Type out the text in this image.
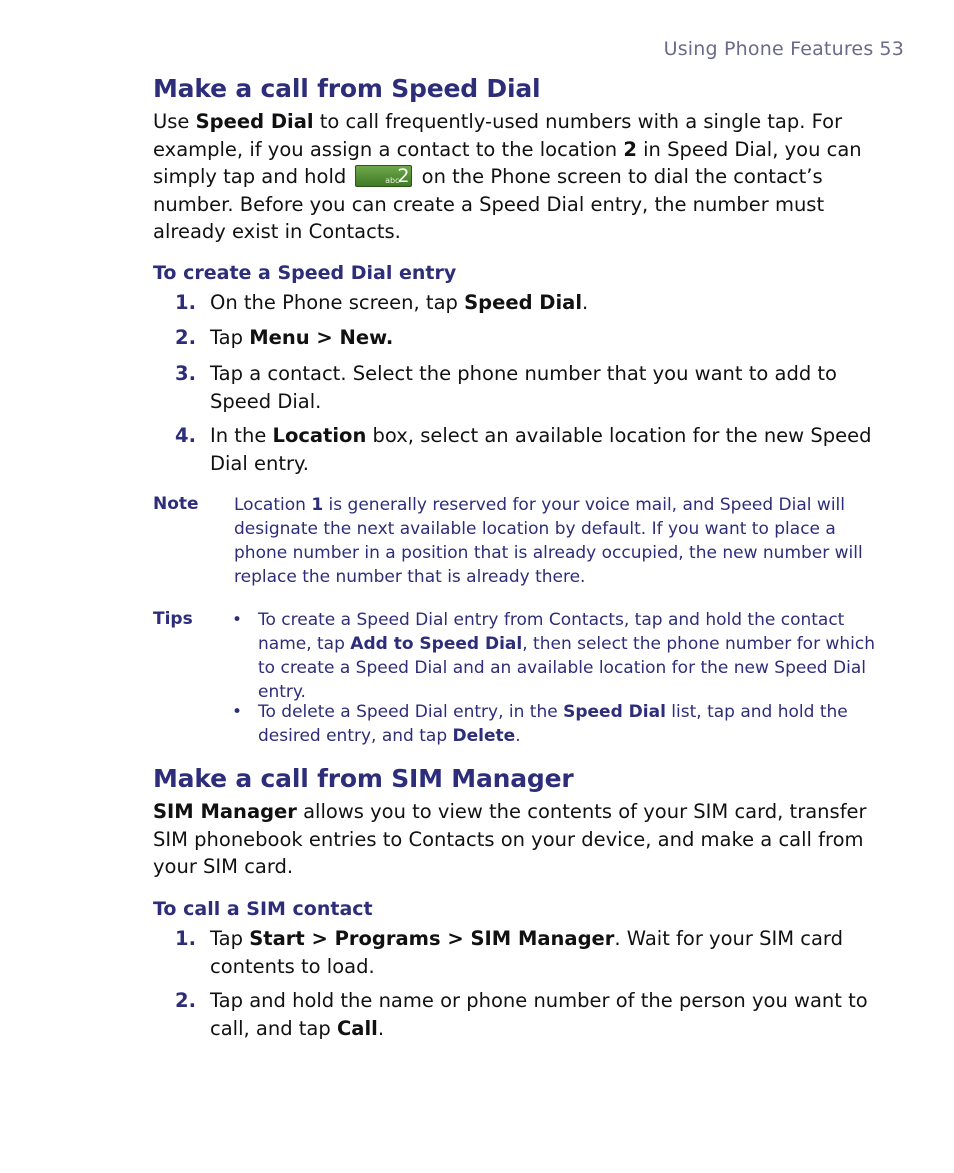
Using Phone Features 53
Make a call from Speed Dial

Use Speed Dial to call frequently-used numbers with a single tap. For example, if you assign a contact to the location 2 in Speed Dial, you can simply tap and hold	abc
2 on the Phone screen to dial the contact’s number. Before you can create a Speed Dial entry, the number must already exist in Contacts.

To create a Speed Dial entry
1. On the Phone screen, tap Speed Dial.
2. Tap Menu > New.
3. Tap a contact. Select the phone number that you want to add to Speed Dial.
4. In the Location box, select an available location for the new Speed Dial entry.
Note Location 1 is generally reserved for your voice mail, and Speed Dial will designate the next available location by default. If you want to place a phone number in a position that is already occupied, the new number will replace the number that is already there.
Tips • To create a Speed Dial entry from Contacts, tap and hold the contact name, tap Add to Speed Dial, then select the phone number for which to create a Speed Dial and an available location for the new Speed Dial entry.
• To delete a Speed Dial entry, in the Speed Dial list, tap and hold the desired entry, and tap Delete.
Make a call from SIM Manager

SIM Manager allows you to view the contents of your SIM card, transfer SIM phonebook entries to Contacts on your device, and make a call from your SIM card.

To call a SIM contact
1. Tap Start > Programs > SIM Manager. Wait for your SIM card contents to load.
2. Tap and hold the name or phone number of the person you want to call, and tap Call.
